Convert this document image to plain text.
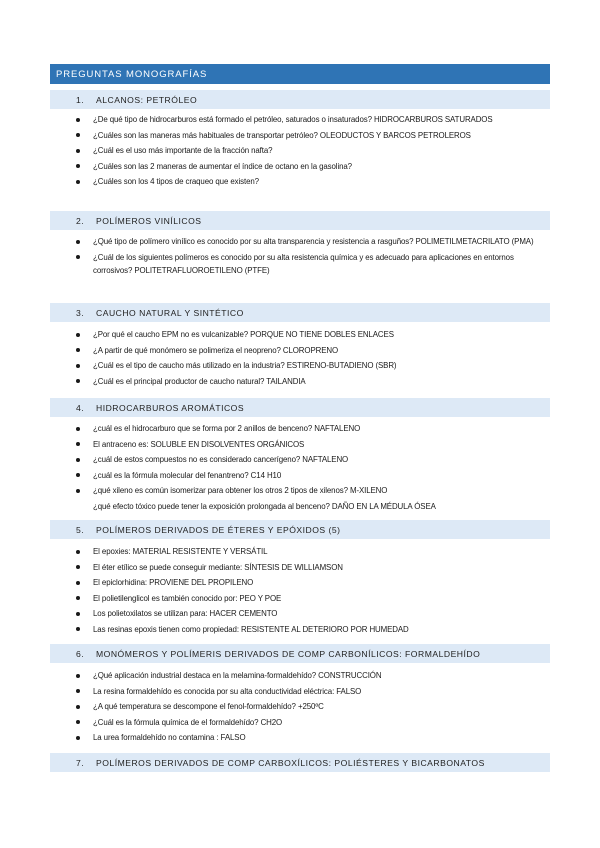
PREGUNTAS MONOGRAFÍAS
1.	ALCANOS: PETRÓLEO
¿De qué tipo de hidrocarburos está formado el petróleo, saturados o insaturados? HIDROCARBUROS SATURADOS
¿Cuáles son las maneras más habituales de transportar petróleo? OLEODUCTOS Y BARCOS PETROLEROS
¿Cuál es el uso más importante de la fracción nafta?
¿Cuáles son las 2 maneras de aumentar el índice de octano en la gasolina?
¿Cuáles son los 4 tipos de craqueo que existen?
2.	POLÍMEROS VINÍLICOS
¿Qué tipo de polímero vinílico es conocido por su alta transparencia y resistencia a rasguños? POLIMETILMETACRILATO (PMA)
¿Cuál de los siguientes polímeros es conocido por su alta resistencia química y es adecuado para aplicaciones en entornos corrosivos? POLITETRAFLUOROETILENO (PTFE)
3.	CAUCHO NATURAL Y SINTÉTICO
¿Por qué el caucho EPM no es vulcanizable? PORQUE NO TIENE DOBLES ENLACES
¿A partir de qué monómero se polimeriza el neopreno? CLOROPRENO
¿Cuál es el tipo de caucho más utilizado en la industria? ESTIRENO-BUTADIENO (SBR)
¿Cuál es el principal productor de caucho natural? TAILANDIA
4.	HIDROCARBUROS AROMÁTICOS
¿cuál es el hidrocarburo que se forma por 2 anillos de benceno? NAFTALENO
El antraceno es: SOLUBLE EN DISOLVENTES ORGÁNICOS
¿cuál de estos compuestos no es considerado cancerígeno? NAFTALENO
¿cuál es la fórmula molecular del fenantreno? C14 H10
¿qué xileno es común isomerizar para obtener los otros 2 tipos de xilenos? M-XILENO
¿qué efecto tóxico puede tener la exposición prolongada al benceno? DAÑO EN LA MÉDULA ÓSEA
5.	POLÍMEROS DERIVADOS DE ÉTERES Y EPÓXIDOS (5)
El epoxies: MATERIAL RESISTENTE Y VERSÁTIL
El éter etílico se puede conseguir mediante: SÍNTESIS DE WILLIAMSON
El epiclorhidina: PROVIENE DEL PROPILENO
El polietilenglicol es también conocido por: PEO Y POE
Los polietoxilatos se utilizan para: HACER CEMENTO
Las resinas epoxis tienen como propiedad: RESISTENTE AL DETERIORO POR HUMEDAD
6.	MONÓMEROS Y POLÍMERIS DERIVADOS DE COMP CARBONÍLICOS: FORMALDEHÍDO
¿Qué aplicación industrial destaca en la melamina-formaldehído? CONSTRUCCIÓN
La resina formaldehído es conocida por su alta conductividad eléctrica: FALSO
¿A qué temperatura se descompone el fenol-formaldehído? +250ºC
¿Cuál es la fórmula química de el formaldehído? CH2O
La urea formaldehído no contamina : FALSO
7.	POLÍMEROS DERIVADOS DE COMP CARBOXÍLICOS: POLIÉSTERES Y BICARBONATOS
